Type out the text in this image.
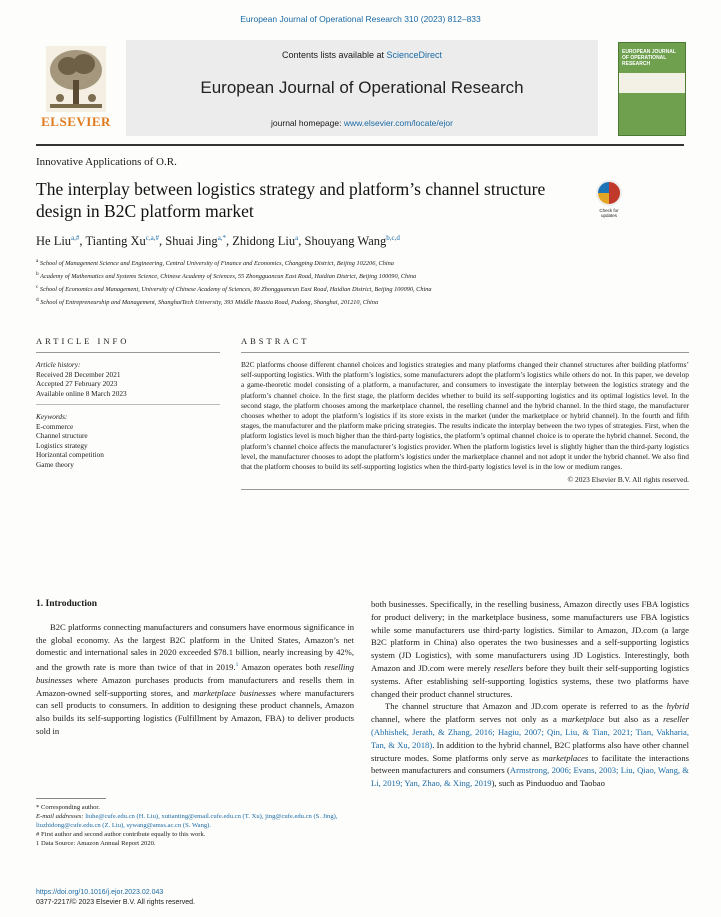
European Journal of Operational Research 310 (2023) 812–833
ELSEVIER
Contents lists available at ScienceDirect
European Journal of Operational Research
journal homepage: www.elsevier.com/locate/ejor
EUROPEAN JOURNAL OF OPERATIONAL RESEARCH
Innovative Applications of O.R.
The interplay between logistics strategy and platform’s channel structure design in B2C platform market	Check for updates
He Liu$^{a,\#}$, Tianting $Xu^{c,a,\#}$, Shuai Jing$^{a,*}$, Zhidong Liu$^a$, Shouyang Wang$^{b,c,d}$
$^a$ School of Management Science and Engineering, Central University of Finance and Economics, Changping District, Beijing 102206, China
$^b$ Academy of Mathematics and Systems Science, Chinese Academy of Sciences, 55 Zhongguancun East Road, Haidian District, Beijing 100090, China
$^c$ School of Economics and Management, University of Chinese Academy of Sciences, 80 Zhongguancun East Road, Haidian District, Beijing 100090, China
$^d$ School of Entrepreneurship and Management, ShanghaiTech University, 393 Middle Huaxia Road, Pudong, Shanghai, 201210, China
ARTICLE INFO
Article history:
Received 28 December 2021
Accepted 27 February 2023
Available online 8 March 2023
Keywords:
E-commerce
Channel structure
Logistics strategy
Horizontal competition
Game theory
ABSTRACT
B2C platforms choose different channel choices and logistics strategies and many platforms changed their channel structures after building platforms’ self-supporting logistics. With the platform’s logistics, some manufacturers adopt the platform’s logistics while others do not. In this paper, we develop a game-theoretic model consisting of a platform, a manufacturer, and consumers to investigate the interplay between the logistics strategy and the platform’s channel choice. In the first stage, the platform decides whether to build its self-supporting logistics and its optimal logistics level. In the second stage, the platform chooses among the marketplace channel, the reselling channel and the hybrid channel. In the third stage, the manufacturer chooses whether to adopt the platform’s logistics if its store exists in the market (under the marketplace or hybrid channel). In the fourth and fifth stages, the manufacturer and the platform make pricing strategies. The results indicate the interplay between the two types of strategies. First, when the platform logistics level is much higher than the third-party logistics, the platform’s optimal channel choice is to operate the hybrid channel. Second, the platform’s channel choice affects the manufacturer’s logistics provider. When the platform logistics level is slightly higher than the third-party logistics level, the manufacturer chooses to adopt the platform’s logistics under the marketplace channel and not adopt it under the hybrid channel. We also find that the platform chooses to build its self-supporting logistics when the third-party logistics level is in the low or medium ranges.
© 2023 Elsevier B.V. All rights reserved.
1. Introduction

B2C platforms connecting manufacturers and consumers have enormous significance in the global economy. As the largest B2C platform in the United States, Amazon’s net domestic and international sales in 2020 exceeded $78.1 billion, nearly increasing by 42%, and the growth rate is more than twice of that in 2019.$^1$ Amazon operates both reselling businesses where Amazon purchases products from manufacturers and resells them in Amazon-owned self-supporting stores, and marketplace businesses where manufacturers can sell products to consumers. In addition to designing these product channels, Amazon also builds its self-supporting logistics (Fulfillment by Amazon, FBA) to deliver products sold in

both businesses. Specifically, in the reselling business, Amazon directly uses FBA logistics for product delivery; in the marketplace business, some manufacturers use FBA logistics while some manufacturers use third-party logistics. Similar to Amazon, JD.com (a large B2C platform in China) also operates the two businesses and a self-supporting logistics system (JD Logistics), with some manufacturers using JD Logistics. Interestingly, both Amazon and JD.com were merely resellers before they built their self-supporting logistics systems. After establishing self-supporting logistics systems, these two platforms have changed their product channel structures.

The channel structure that Amazon and JD.com operate is referred to as the hybrid channel, where the platform serves not only as a marketplace but also as a reseller (Abhishek, Jerath, & Zhang, 2016; Hagiu, 2007; Qin, Liu, & Tian, 2021; Tian, Vakharia, Tan, & Xu, 2018). In addition to the hybrid channel, B2C platforms also have other channel structure modes. Some platforms only serve as marketplaces to facilitate the interactions between manufacturers and consumers (Armstrong, 2006; Evans, 2003; Liu, Qiao, Wang, & Li, 2019; Yan, Zhao, & Xing, 2019), such as Pinduoduo and Taobao

* Corresponding author.
E-mail addresses: liuhe@cufe.edu.cn (H. Liu), xutianting@email.cufe.edu.cn (T. Xu), jing@cufe.edu.cn (S. Jing), liuzhidong@cufe.edu.cn (Z. Liu), sywang@amss.ac.cn (S. Wang).
# First author and second author contribute equally to this work.
1 Data Source: Amazon Annual Report 2020.
https://doi.org/10.1016/j.ejor.2023.02.043
0377-2217/© 2023 Elsevier B.V. All rights reserved.
